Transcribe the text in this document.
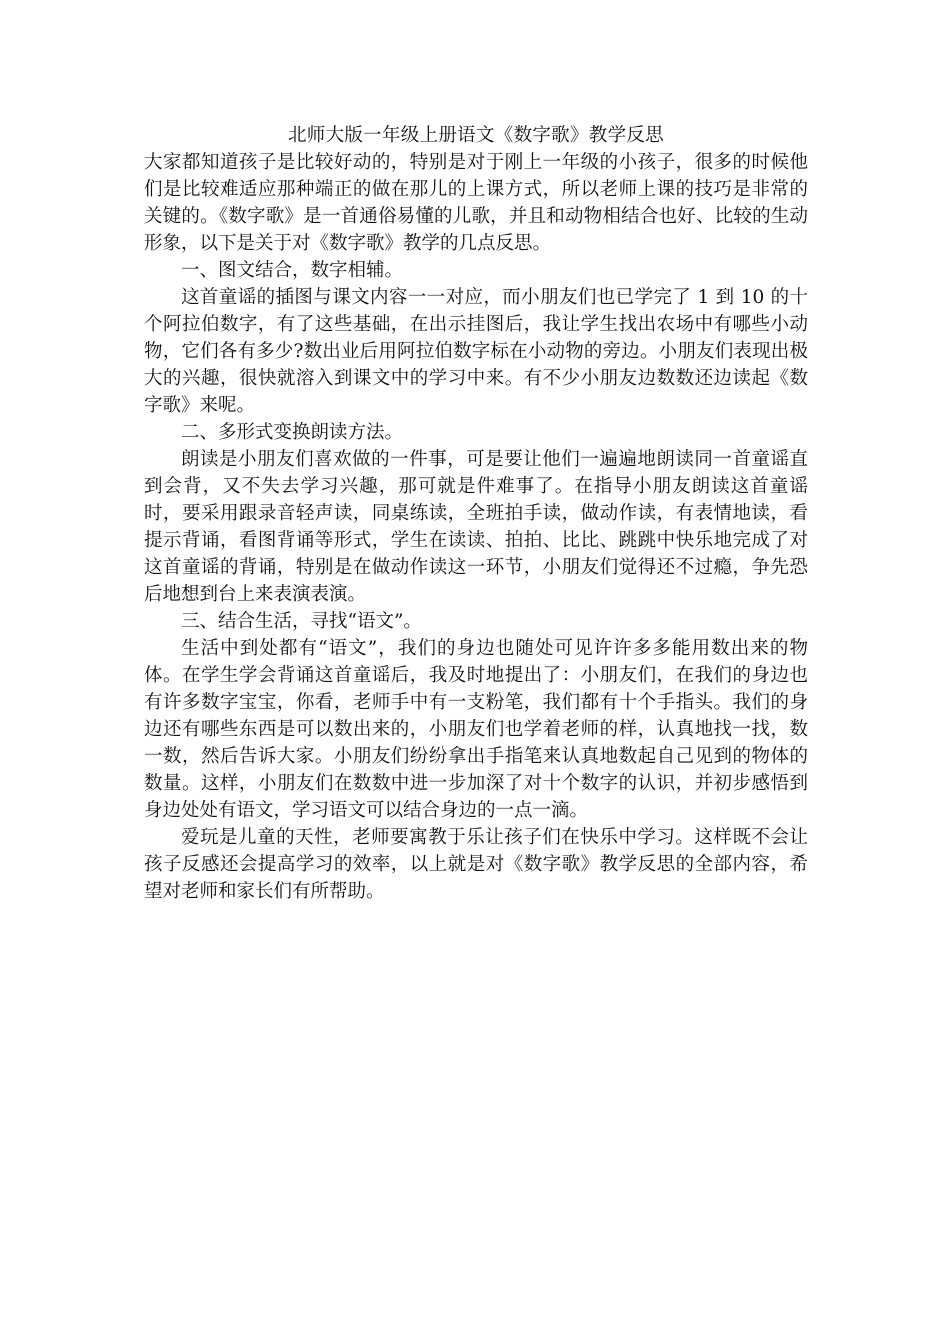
北师大版一年级上册语文《数字歌》教学反思

大家都知道孩子是比较好动的，特别是对于刚上一年级的小孩子，很多的时候他们是比较难适应那种端正的做在那儿的上课方式，所以老师上课的技巧是非常的关键的。《数字歌》是一首通俗易懂的儿歌，并且和动物相结合也好、比较的生动形象，以下是关于对《数字歌》教学的几点反思。

一、图文结合，数字相辅。

这首童谣的插图与课文内容一一对应，而小朋友们也已学完了 1 到 10 的十个阿拉伯数字，有了这些基础，在出示挂图后，我让学生找出农场中有哪些小动物，它们各有多少?数出业后用阿拉伯数字标在小动物的旁边。小朋友们表现出极大的兴趣，很快就溶入到课文中的学习中来。有不少小朋友边数数还边读起《数字歌》来呢。

二、多形式变换朗读方法。

朗读是小朋友们喜欢做的一件事，可是要让他们一遍遍地朗读同一首童谣直到会背，又不失去学习兴趣，那可就是件难事了。在指导小朋友朗读这首童谣时，要采用跟录音轻声读，同桌练读，全班拍手读，做动作读，有表情地读，看提示背诵，看图背诵等形式，学生在读读、拍拍、比比、跳跳中快乐地完成了对这首童谣的背诵，特别是在做动作读这一环节，小朋友们觉得还不过瘾，争先恐后地想到台上来表演表演。

三、结合生活，寻找“语文”。

生活中到处都有“语文”，我们的身边也随处可见许许多多能用数出来的物体。在学生学会背诵这首童谣后，我及时地提出了：小朋友们，在我们的身边也有许多数字宝宝，你看，老师手中有一支粉笔，我们都有十个手指头。我们的身边还有哪些东西是可以数出来的，小朋友们也学着老师的样，认真地找一找，数一数，然后告诉大家。小朋友们纷纷拿出手指笔来认真地数起自己见到的物体的数量。这样，小朋友们在数数中进一步加深了对十个数字的认识，并初步感悟到身边处处有语文，学习语文可以结合身边的一点一滴。

爱玩是儿童的天性，老师要寓教于乐让孩子们在快乐中学习。这样既不会让孩子反感还会提高学习的效率，以上就是对《数字歌》教学反思的全部内容，希望对老师和家长们有所帮助。
